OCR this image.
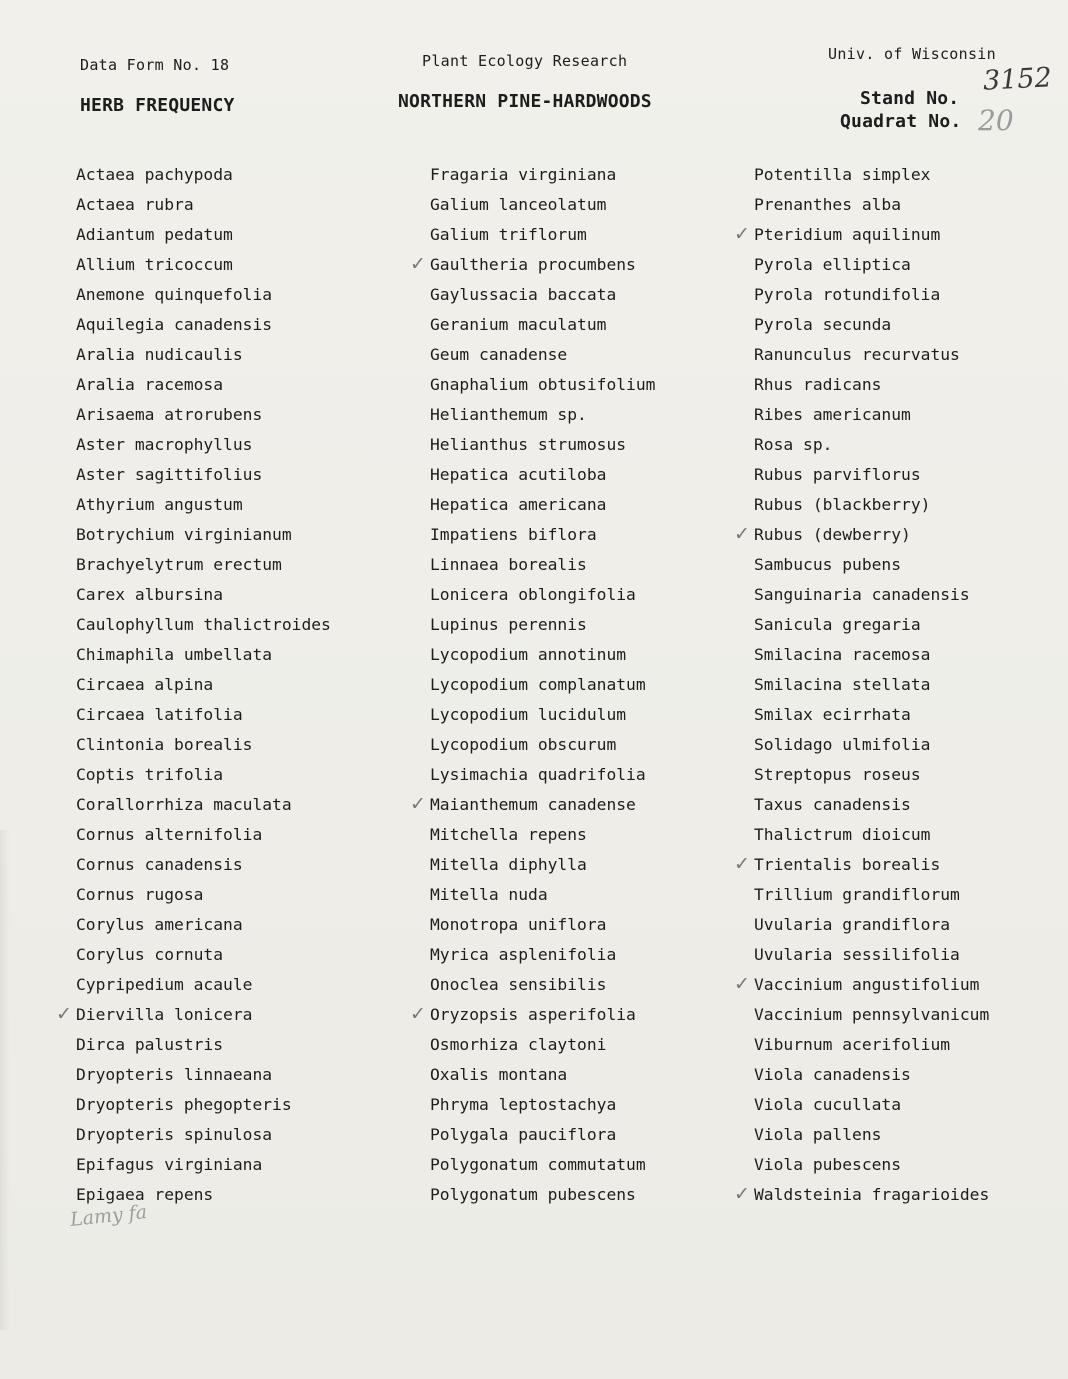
Data Form No. 18
HERB FREQUENCY
Plant Ecology Research
NORTHERN PINE-HARDWOODS
Univ. of Wisconsin
Stand No.
Quadrat No.
3152
20
Lamy fa
Actaea pachypoda
Actaea rubra
Adiantum pedatum
Allium tricoccum
Anemone quinquefolia
Aquilegia canadensis
Aralia nudicaulis
Aralia racemosa
Arisaema atrorubens
Aster macrophyllus
Aster sagittifolius
Athyrium angustum
Botrychium virginianum
Brachyelytrum erectum
Carex albursina
Caulophyllum thalictroides
Chimaphila umbellata
Circaea alpina
Circaea latifolia
Clintonia borealis
Coptis trifolia
Corallorrhiza maculata
Cornus alternifolia
Cornus canadensis
Cornus rugosa
Corylus americana
Corylus cornuta
Cypripedium acaule
✓ Diervilla lonicera
Dirca palustris
Dryopteris linnaeana
Dryopteris phegopteris
Dryopteris spinulosa
Epifagus virginiana
Epigaea repens
Fragaria virginiana
Galium lanceolatum
Galium triflorum
✓ Gaultheria procumbens
Gaylussacia baccata
Geranium maculatum
Geum canadense
Gnaphalium obtusifolium
Helianthemum sp.
Helianthus strumosus
Hepatica acutiloba
Hepatica americana
Impatiens biflora
Linnaea borealis
Lonicera oblongifolia
Lupinus perennis
Lycopodium annotinum
Lycopodium complanatum
Lycopodium lucidulum
Lycopodium obscurum
Lysimachia quadrifolia
✓ Maianthemum canadense
Mitchella repens
Mitella diphylla
Mitella nuda
Monotropa uniflora
Myrica asplenifolia
Onoclea sensibilis
✓ Oryzopsis asperifolia
Osmorhiza claytoni
Oxalis montana
Phryma leptostachya
Polygala pauciflora
Polygonatum commutatum
Polygonatum pubescens
Potentilla simplex
Prenanthes alba
✓ Pteridium aquilinum
Pyrola elliptica
Pyrola rotundifolia
Pyrola secunda
Ranunculus recurvatus
Rhus radicans
Ribes americanum
Rosa sp.
Rubus parviflorus
Rubus (blackberry)
✓ Rubus (dewberry)
Sambucus pubens
Sanguinaria canadensis
Sanicula gregaria
Smilacina racemosa
Smilacina stellata
Smilax ecirrhata
Solidago ulmifolia
Streptopus roseus
Taxus canadensis
Thalictrum dioicum
✓ Trientalis borealis
Trillium grandiflorum
Uvularia grandiflora
Uvularia sessilifolia
✓ Vaccinium angustifolium
Vaccinium pennsylvanicum
Viburnum acerifolium
Viola canadensis
Viola cucullata
Viola pallens
Viola pubescens
✓ Waldsteinia fragarioides
